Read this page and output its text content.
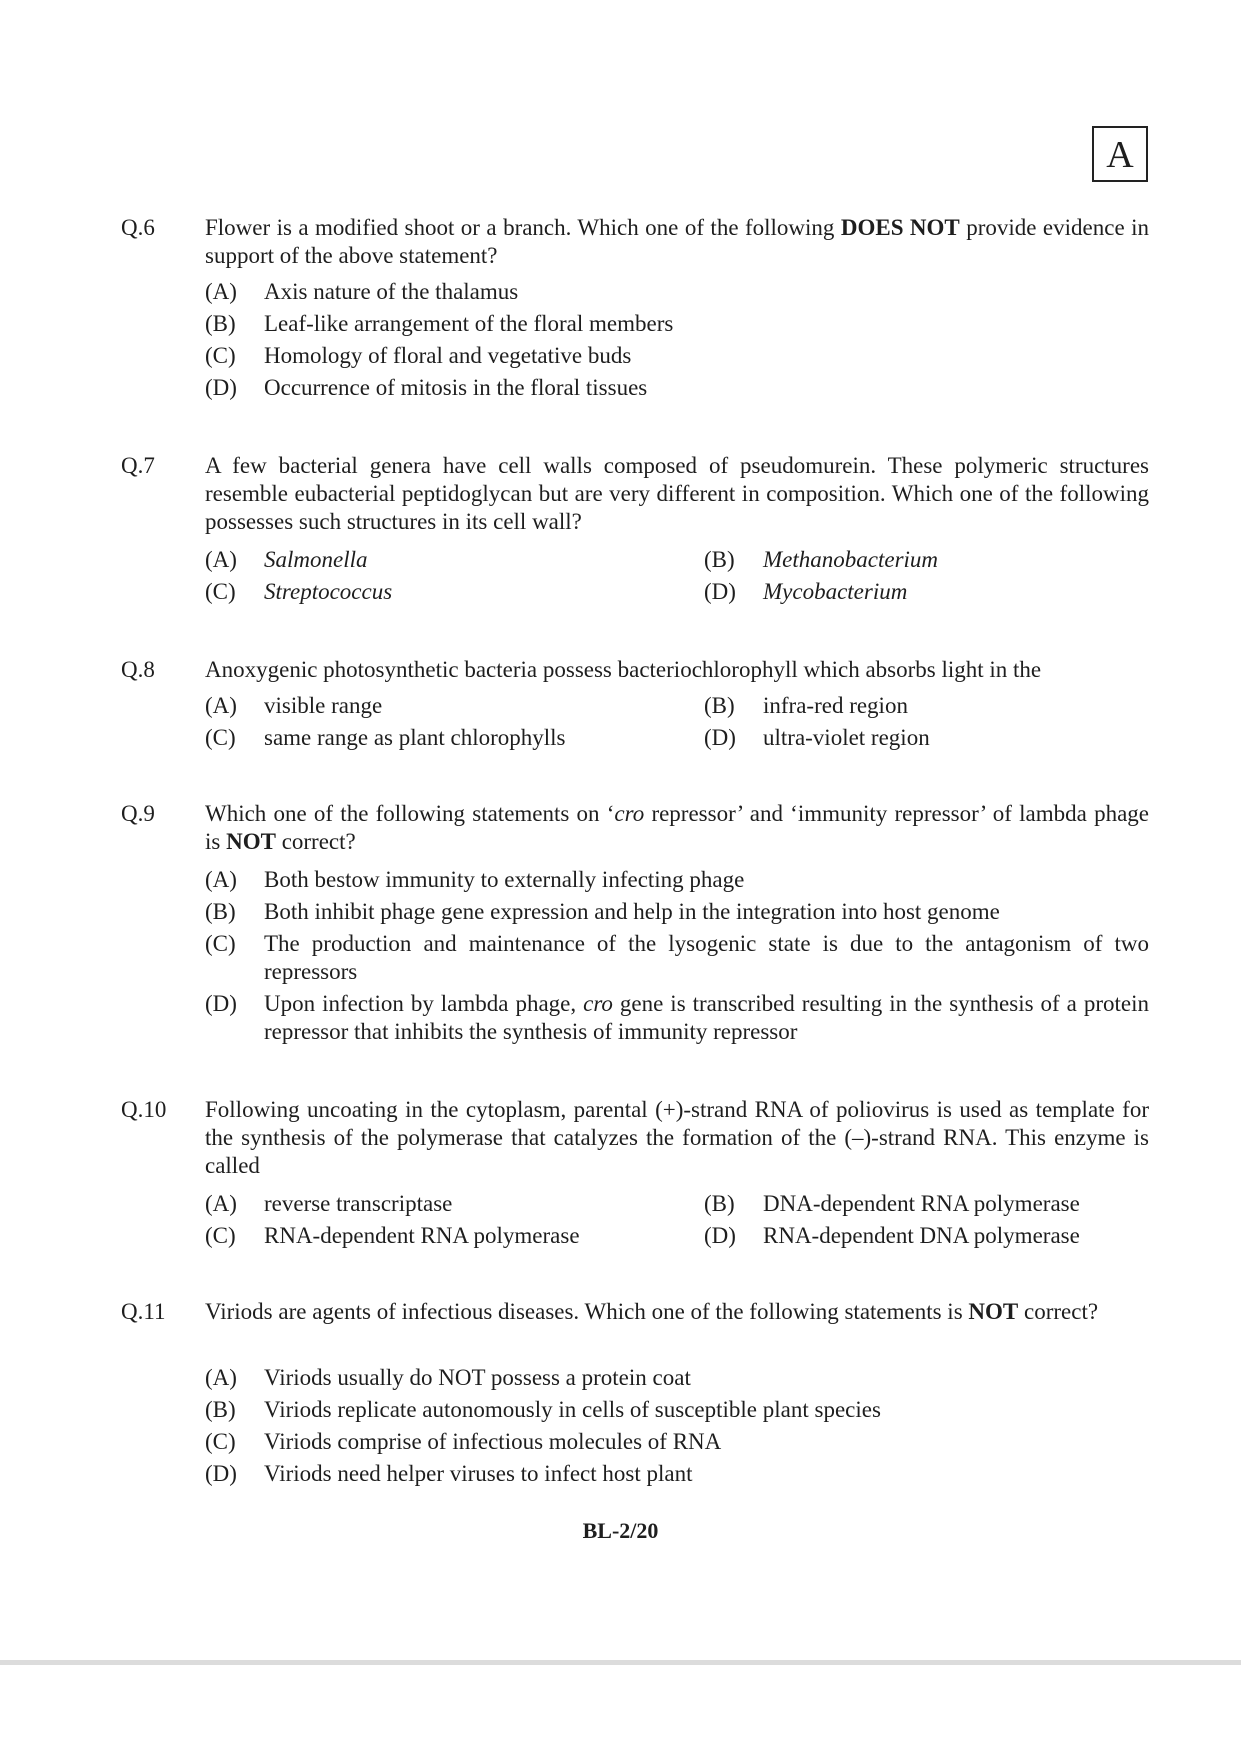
A
Q.6	Flower is a modified shoot or a branch. Which one of the following DOES NOT provide evidence in support of the above statement?
(A)	Axis nature of the thalamus
(B)	Leaf-like arrangement of the floral members
(C)	Homology of floral and vegetative buds
(D)	Occurrence of mitosis in the floral tissues
Q.7	A few bacterial genera have cell walls composed of pseudomurein. These polymeric structures resemble eubacterial peptidoglycan but are very different in composition. Which one of the following possesses such structures in its cell wall?
(A)	Salmonella	(B)	Methanobacterium
(C)	Streptococcus	(D)	Mycobacterium
Q.8	Anoxygenic photosynthetic bacteria possess bacteriochlorophyll which absorbs light in the
(A)	visible range	(B)	infra-red region
(C)	same range as plant chlorophylls	(D)	ultra-violet region
Q.9	Which one of the following statements on ‘cro repressor’ and ‘immunity repressor’ of lambda phage is NOT correct?
(A)	Both bestow immunity to externally infecting phage
(B)	Both inhibit phage gene expression and help in the integration into host genome
(C)	The production and maintenance of the lysogenic state is due to the antagonism of two repressors
(D)	Upon infection by lambda phage, cro gene is transcribed resulting in the synthesis of a protein repressor that inhibits the synthesis of immunity repressor
Q.10	Following uncoating in the cytoplasm, parental (+)-strand RNA of poliovirus is used as template for the synthesis of the polymerase that catalyzes the formation of the (–)-strand RNA. This enzyme is called
(A)	reverse transcriptase	(B)	DNA-dependent RNA polymerase
(C)	RNA-dependent RNA polymerase	(D)	RNA-dependent DNA polymerase
Q.11	Viriods are agents of infectious diseases. Which one of the following statements is NOT correct?
(A)	Viriods usually do NOT possess a protein coat
(B)	Viriods replicate autonomously in cells of susceptible plant species
(C)	Viriods comprise of infectious molecules of RNA
(D)	Viriods need helper viruses to infect host plant
BL-2/20
